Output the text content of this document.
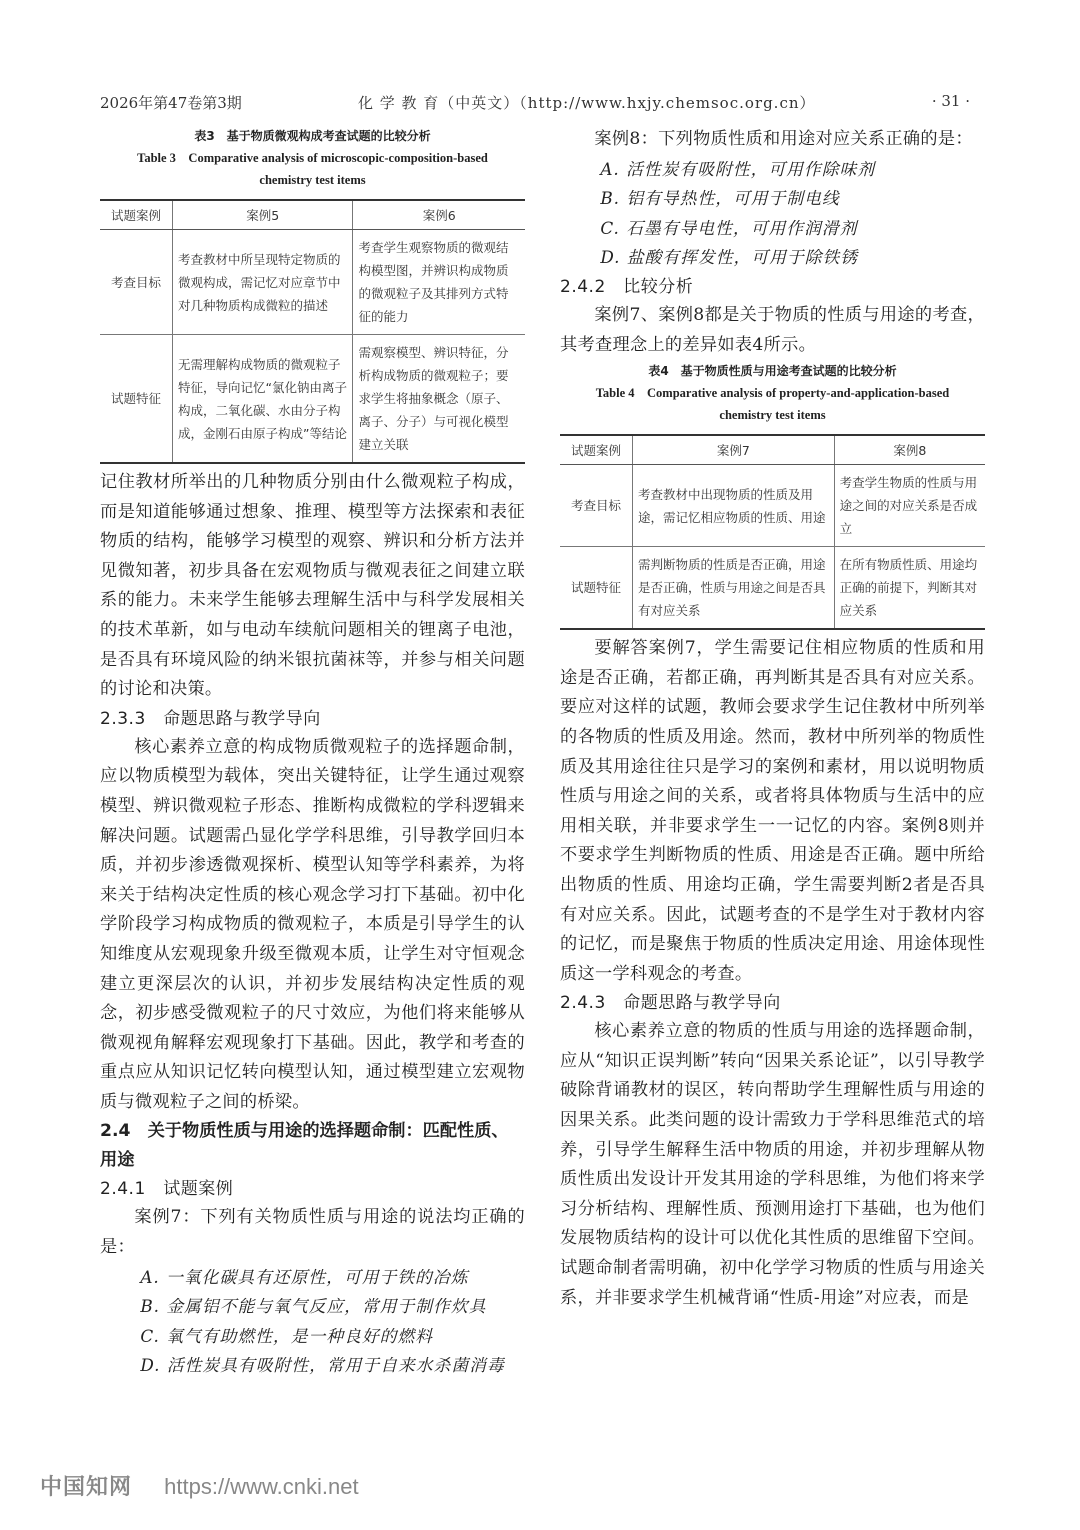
2026年第47卷第3期	化 学 教 育（中英文）（http://www.hxjy.chemsoc.org.cn）	· 31 ·
表3　基于物质微观构成考查试题的比较分析
Table 3　Comparative analysis of microscopic-composition-based chemistry test items
试题案例	案例5	案例6
考查目标	考查教材中所呈现特定物质的微观构成，需记忆对应章节中对几种物质构成微粒的描述	考查学生观察物质的微观结构模型图，并辨识构成物质的微观粒子及其排列方式特征的能力
试题特征	无需理解构成物质的微观粒子特征，导向记忆“氯化钠由离子构成，二氧化碳、水由分子构成，金刚石由原子构成”等结论	需观察模型、辨识特征，分析构成物质的微观粒子；要求学生将抽象概念（原子、离子、分子）与可视化模型建立关联

记住教材所举出的几种物质分别由什么微观粒子构成，而是知道能够通过想象、推理、模型等方法探索和表征物质的结构，能够学习模型的观察、辨识和分析方法并见微知著，初步具备在宏观物质与微观表征之间建立联系的能力。未来学生能够去理解生活中与科学发展相关的技术革新，如与电动车续航问题相关的锂离子电池，是否具有环境风险的纳米银抗菌袜等，并参与相关问题的讨论和决策。

2.3.3　命题思路与教学导向

核心素养立意的构成物质微观粒子的选择题命制，应以物质模型为载体，突出关键特征，让学生通过观察模型、辨识微观粒子形态、推断构成微粒的学科逻辑来解决问题。试题需凸显化学学科思维，引导教学回归本质，并初步渗透微观探析、模型认知等学科素养，为将来关于结构决定性质的核心观念学习打下基础。初中化学阶段学习构成物质的微观粒子，本质是引导学生的认知维度从宏观现象升级至微观本质，让学生对守恒观念建立更深层次的认识，并初步发展结构决定性质的观念，初步感受微观粒子的尺寸效应，为他们将来能够从微观视角解释宏观现象打下基础。因此，教学和考查的重点应从知识记忆转向模型认知，通过模型建立宏观物质与微观粒子之间的桥梁。

2.4　关于物质性质与用途的选择题命制：匹配性质、用途
2.4.1　试题案例

案例7：下列有关物质性质与用途的说法均正确的是：

A. 一氧化碳具有还原性，可用于铁的冶炼

B. 金属铝不能与氧气反应，常用于制作炊具

C. 氧气有助燃性，是一种良好的燃料

D. 活性炭具有吸附性，常用于自来水杀菌消毒

案例8：下列物质性质和用途对应关系正确的是：

A. 活性炭有吸附性，可用作除味剂

B. 铝有导热性，可用于制电线

C. 石墨有导电性，可用作润滑剂

D. 盐酸有挥发性，可用于除铁锈

2.4.2　比较分析

案例7、案例8都是关于物质的性质与用途的考查，其考查理念上的差异如表4所示。

表4　基于物质性质与用途考查试题的比较分析
Table 4　Comparative analysis of property-and-application-based chemistry test items
试题案例	案例7	案例8
考查目标	考查教材中出现物质的性质及用途，需记忆相应物质的性质、用途	考查学生物质的性质与用途之间的对应关系是否成立
试题特征	需判断物质的性质是否正确，用途是否正确，性质与用途之间是否具有对应关系	在所有物质性质、用途均正确的前提下，判断其对应关系

要解答案例7，学生需要记住相应物质的性质和用途是否正确，若都正确，再判断其是否具有对应关系。要应对这样的试题，教师会要求学生记住教材中所列举的各物质的性质及用途。然而，教材中所列举的物质性质及其用途往往只是学习的案例和素材，用以说明物质性质与用途之间的关系，或者将具体物质与生活中的应用相关联，并非要求学生一一记忆的内容。案例8则并不要求学生判断物质的性质、用途是否正确。题中所给出物质的性质、用途均正确，学生需要判断2者是否具有对应关系。因此，试题考查的不是学生对于教材内容的记忆，而是聚焦于物质的性质决定用途、用途体现性质这一学科观念的考查。

2.4.3　命题思路与教学导向

核心素养立意的物质的性质与用途的选择题命制，应从“知识正误判断”转向“因果关系论证”，以引导教学破除背诵教材的误区，转向帮助学生理解性质与用途的因果关系。此类问题的设计需致力于学科思维范式的培养，引导学生解释生活中物质的用途，并初步理解从物质性质出发设计开发其用途的学科思维，为他们将来学习分析结构、理解性质、预测用途打下基础，也为他们发展物质结构的设计可以优化其性质的思维留下空间。试题命制者需明确，初中化学学习物质的性质与用途关系，并非要求学生机械背诵“性质-用途”对应表，而是

中国知网 https://www.cnki.net
